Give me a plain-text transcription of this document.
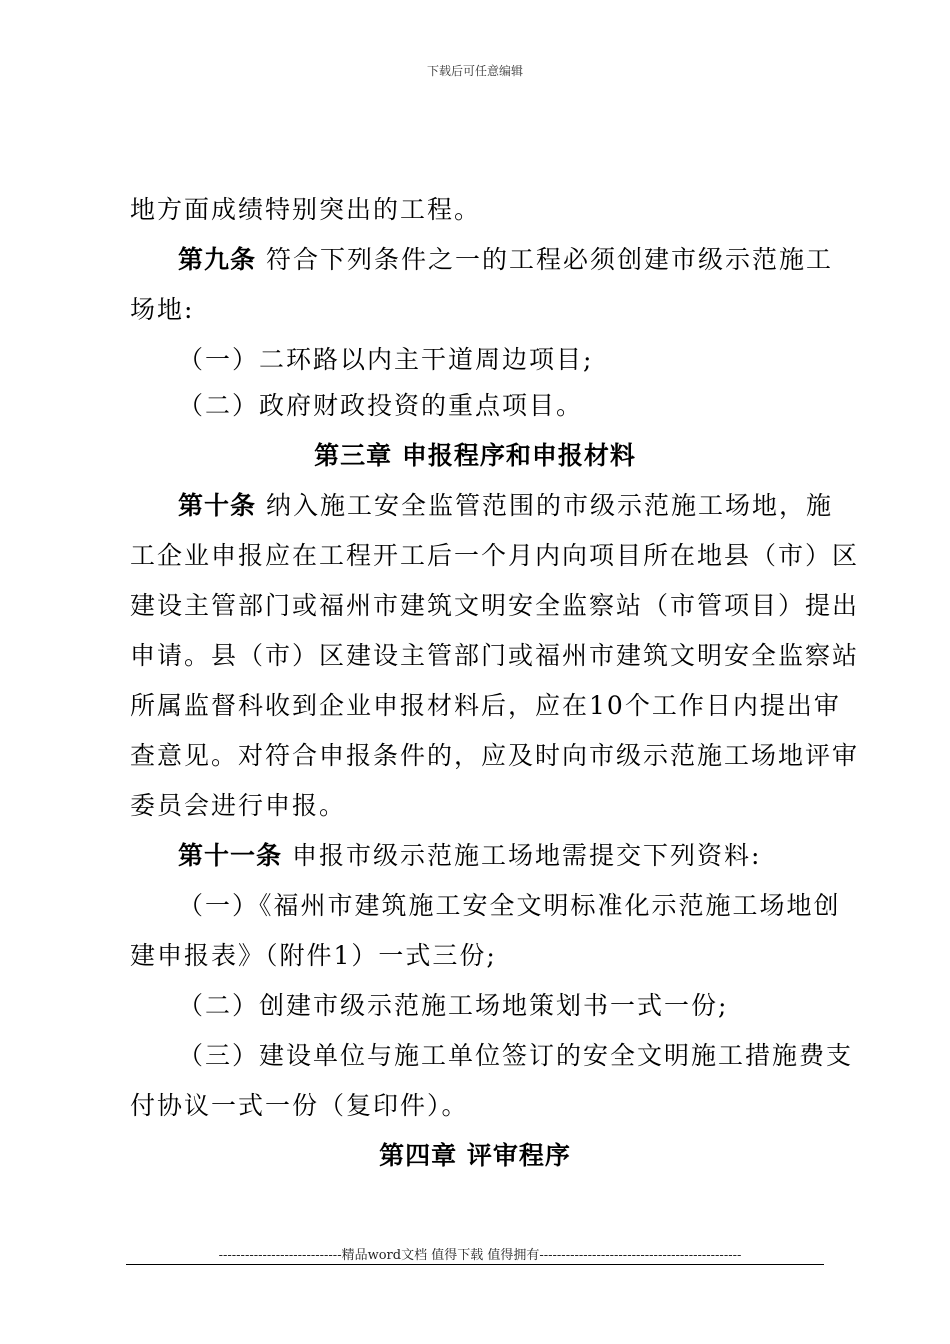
下载后可任意编辑
地方面成绩特别突出的工程。
第九条 符合下列条件之一的工程必须创建市级示范施工
场地:
（一）二环路以内主干道周边项目;
（二）政府财政投资的重点项目。
第三章 申报程序和申报材料
第十条 纳入施工安全监管范围的市级示范施工场地，施
工企业申报应在工程开工后一个月内向项目所在地县（市）区
建设主管部门或福州市建筑文明安全监察站（市管项目）提出
申请。县（市）区建设主管部门或福州市建筑文明安全监察站
所属监督科收到企业申报材料后，应在10个工作日内提出审
查意见。对符合申报条件的，应及时向市级示范施工场地评审
委员会进行申报。
第十一条 申报市级示范施工场地需提交下列资料:
（一）《福州市建筑施工安全文明标准化示范施工场地创
建申报表》（附件1）一式三份;
（二）创建市级示范施工场地策划书一式一份;
（三）建设单位与施工单位签订的安全文明施工措施费支
付协议一式一份（复印件）。
第四章 评审程序
----------------------------精品word文档 值得下载 值得拥有----------------------------------------------
